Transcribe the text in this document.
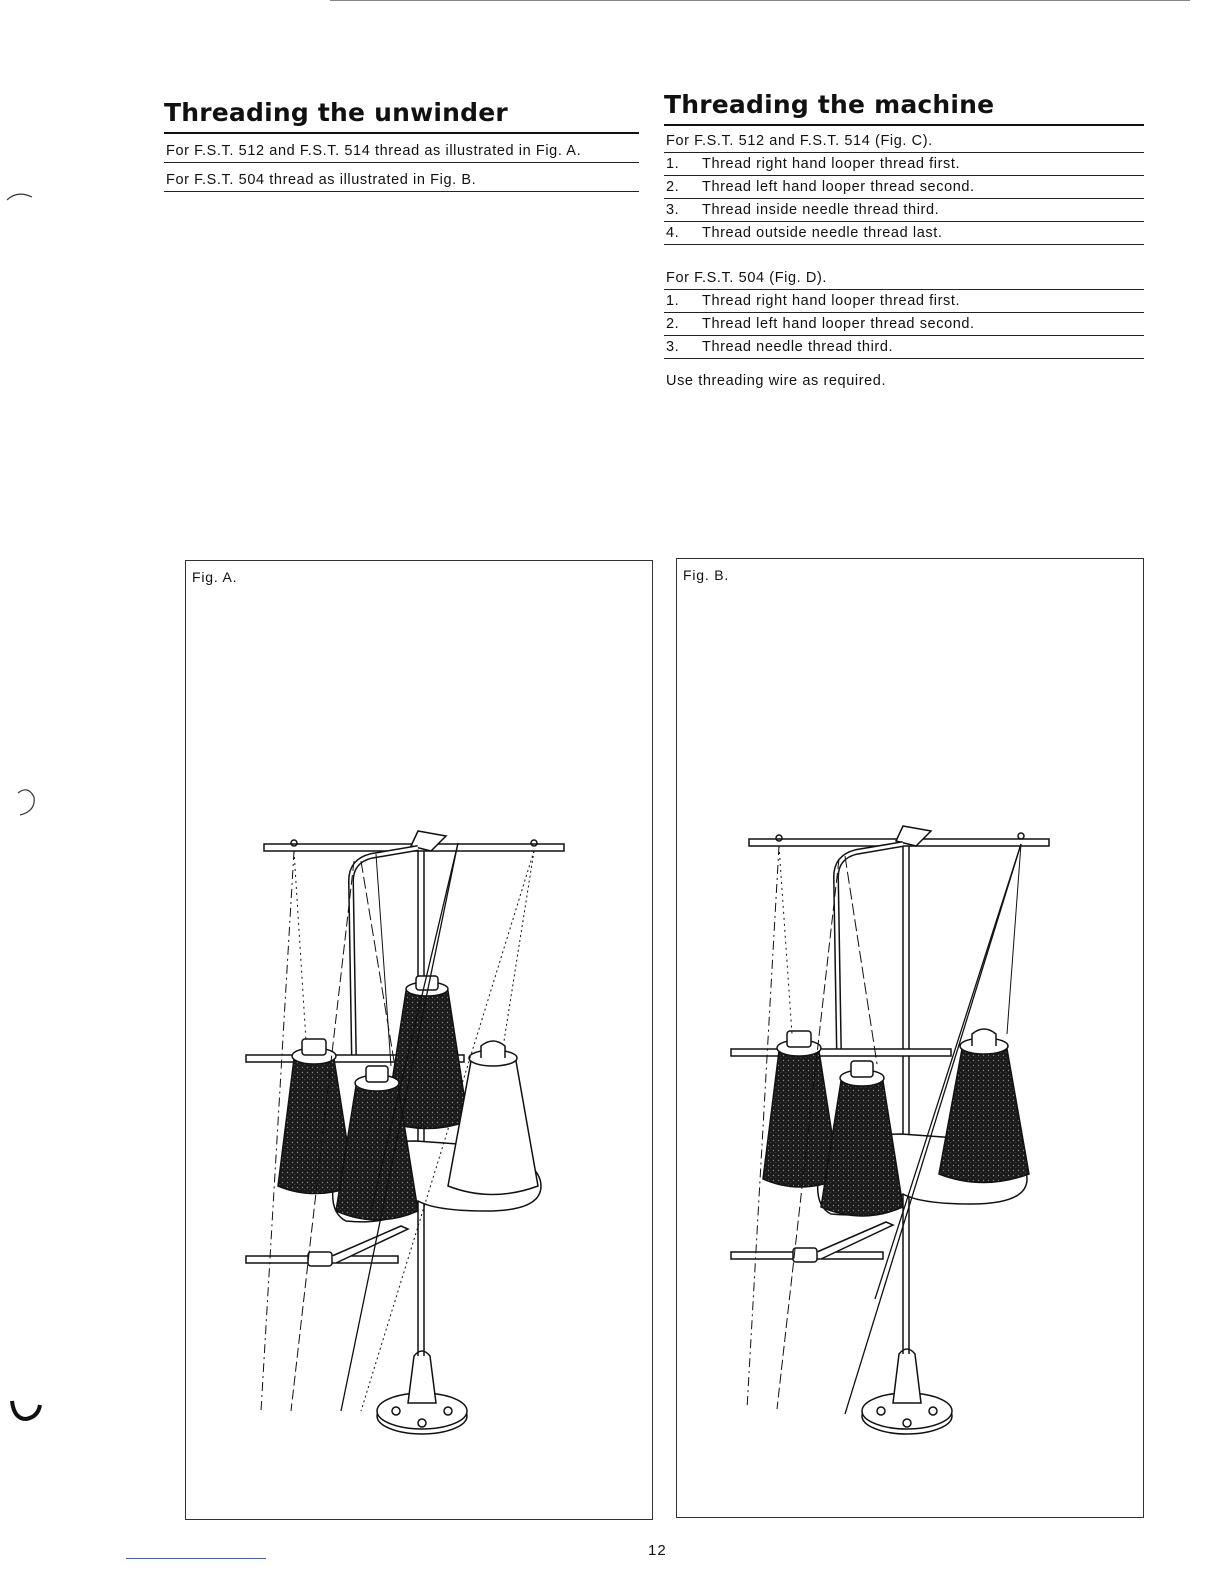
Threading the unwinder
For F.S.T. 512 and F.S.T. 514 thread as illustrated in Fig. A.
For F.S.T. 504 thread as illustrated in Fig. B.
Threading the machine
For F.S.T. 512 and F.S.T. 514 (Fig. C).
1. Thread right hand looper thread first.
2. Thread left hand looper thread second.
3. Thread inside needle thread third.
4. Thread outside needle thread last.
For F.S.T. 504 (Fig. D).
1. Thread right hand looper thread first.
2. Thread left hand looper thread second.
3. Thread needle thread third.
Use threading wire as required.
Fig. A.	Fig. B.
12
